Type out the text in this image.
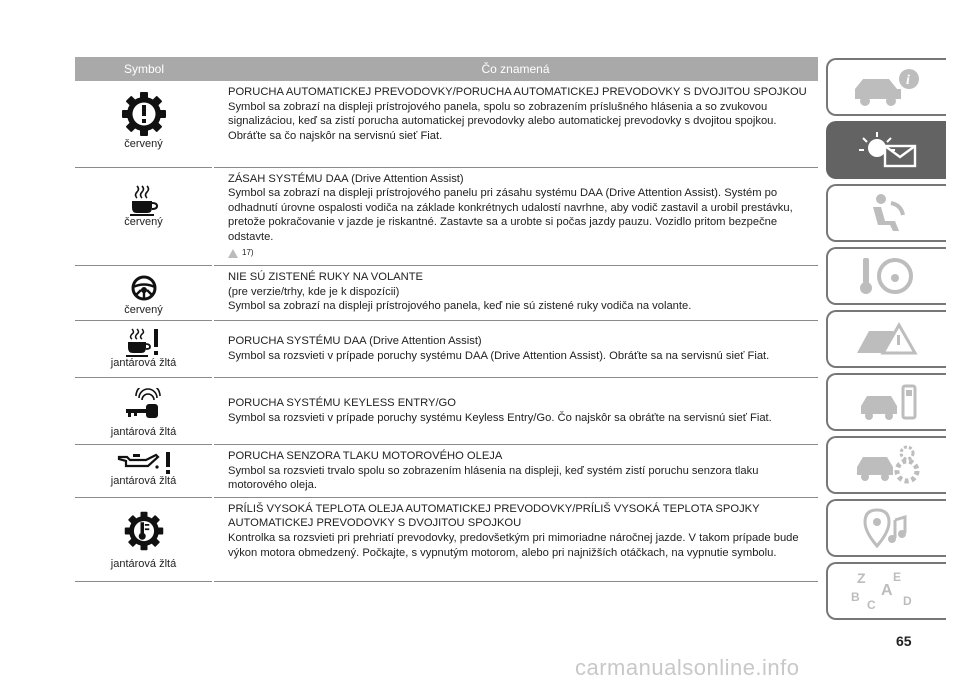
Symbol	Čo znamená

červený	PORUCHA AUTOMATICKEJ PREVODOVKY/PORUCHA AUTOMATICKEJ PREVODOVKY S DVOJITOU SPOJKOU
Symbol sa zobrazí na displeji prístrojového panela, spolu so zobrazením príslušného hlásenia a so zvukovou signalizáciou, keď sa zistí porucha automatickej prevodovky alebo automatickej prevodovky s dvojitou spojkou. Obráťte sa čo najskôr na servisnú sieť Fiat.

červený	ZÁSAH SYSTÉMU DAA (Drive Attention Assist)
Symbol sa zobrazí na displeji prístrojového panelu pri zásahu systému DAA (Drive Attention Assist). Systém po odhadnutí úrovne ospalosti vodiča na základe konkrétnych udalostí navrhne, aby vodič zastavil a urobil prestávku, pretože pokračovanie v jazde je riskantné. Zastavte sa a urobte si počas jazdy pauzu. Vozidlo pritom bezpečne odstavte.
17)

červený	NIE SÚ ZISTENÉ RUKY NA VOLANTE
(pre verzie/trhy, kde je k dispozícii)
Symbol sa zobrazí na displeji prístrojového panela, keď nie sú zistené ruky vodiča na volante.

jantárová žltá	PORUCHA SYSTÉMU DAA (Drive Attention Assist)
Symbol sa rozsvieti v prípade poruchy systému DAA (Drive Attention Assist). Obráťte sa na servisnú sieť Fiat.

jantárová žltá	PORUCHA SYSTÉMU KEYLESS ENTRY/GO
Symbol sa rozsvieti v prípade poruchy systému Keyless Entry/Go. Čo najskôr sa obráťte na servisnú sieť Fiat.

jantárová žltá	PORUCHA SENZORA TLAKU MOTOROVÉHO OLEJA
Symbol sa rozsvieti trvalo spolu so zobrazením hlásenia na displeji, keď systém zistí poruchu senzora tlaku motorového oleja.

jantárová žltá	PRÍLIŠ VYSOKÁ TEPLOTA OLEJA AUTOMATICKEJ PREVODOVKY/PRÍLIŠ VYSOKÁ TEPLOTA SPOJKY AUTOMATICKEJ PREVODOVKY S DVOJITOU SPOJKOU
Kontrolka sa rozsvieti pri prehriatí prevodovky, predovšetkým pri mimoriadne náročnej jazde. V takom prípade bude výkon motora obmedzený. Počkajte, s vypnutým motorom, alebo pri najnižších otáčkach, na vypnutie symbolu.
i
Z E
B A
C D
65
carmanualsonline.info
